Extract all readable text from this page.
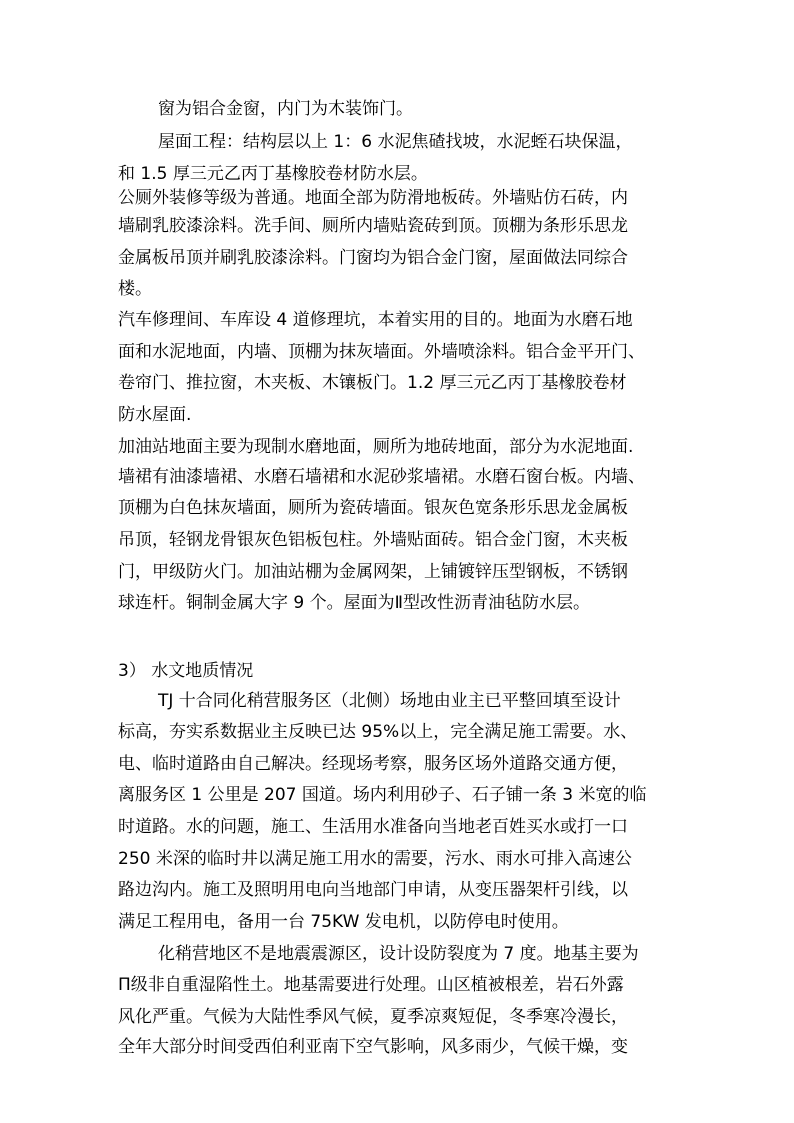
窗为铝合金窗，内门为木装饰门。
屋面工程：结构层以上 1：6 水泥焦碴找坡，水泥蛭石块保温，
和 1.5 厚三元乙丙丁基橡胶卷材防水层。
公厕外装修等级为普通。地面全部为防滑地板砖。外墙贴仿石砖，内
墙刷乳胶漆涂料。洗手间、厕所内墙贴瓷砖到顶。顶棚为条形乐思龙
金属板吊顶并刷乳胶漆涂料。门窗均为铝合金门窗，屋面做法同综合
楼。
汽车修理间、车库设 4 道修理坑，本着实用的目的。地面为水磨石地
面和水泥地面，内墙、顶棚为抹灰墙面。外墙喷涂料。铝合金平开门、
卷帘门、推拉窗，木夹板、木镶板门。1.2 厚三元乙丙丁基橡胶卷材
防水屋面.
加油站地面主要为现制水磨地面，厕所为地砖地面，部分为水泥地面.
墙裙有油漆墙裙、水磨石墙裙和水泥砂浆墙裙。水磨石窗台板。内墙、
顶棚为白色抹灰墙面，厕所为瓷砖墙面。银灰色宽条形乐思龙金属板
吊顶，轻钢龙骨银灰色铝板包柱。外墙贴面砖。铝合金门窗，木夹板
门，甲级防火门。加油站棚为金属网架，上铺镀锌压型钢板，不锈钢
球连杆。铜制金属大字 9 个。屋面为Ⅱ型改性沥青油毡防水层。
3） 水文地质情况
TJ 十合同化稍营服务区（北侧）场地由业主已平整回填至设计
标高，夯实系数据业主反映已达 95%以上，完全满足施工需要。水、
电、临时道路由自己解决。经现场考察，服务区场外道路交通方便，
离服务区 1 公里是 207 国道。场内利用砂子、石子铺一条 3 米宽的临
时道路。水的问题，施工、生活用水准备向当地老百姓买水或打一口
250 米深的临时井以满足施工用水的需要，污水、雨水可排入高速公
路边沟内。施工及照明用电向当地部门申请，从变压器架杆引线，以
满足工程用电，备用一台 75KW 发电机，以防停电时使用。
化稍营地区不是地震震源区，设计设防裂度为 7 度。地基主要为
Π级非自重湿陷性土。地基需要进行处理。山区植被根差，岩石外露
风化严重。气候为大陆性季风气候，夏季凉爽短促，冬季寒冷漫长，
全年大部分时间受西伯利亚南下空气影响，风多雨少，气候干燥，变
